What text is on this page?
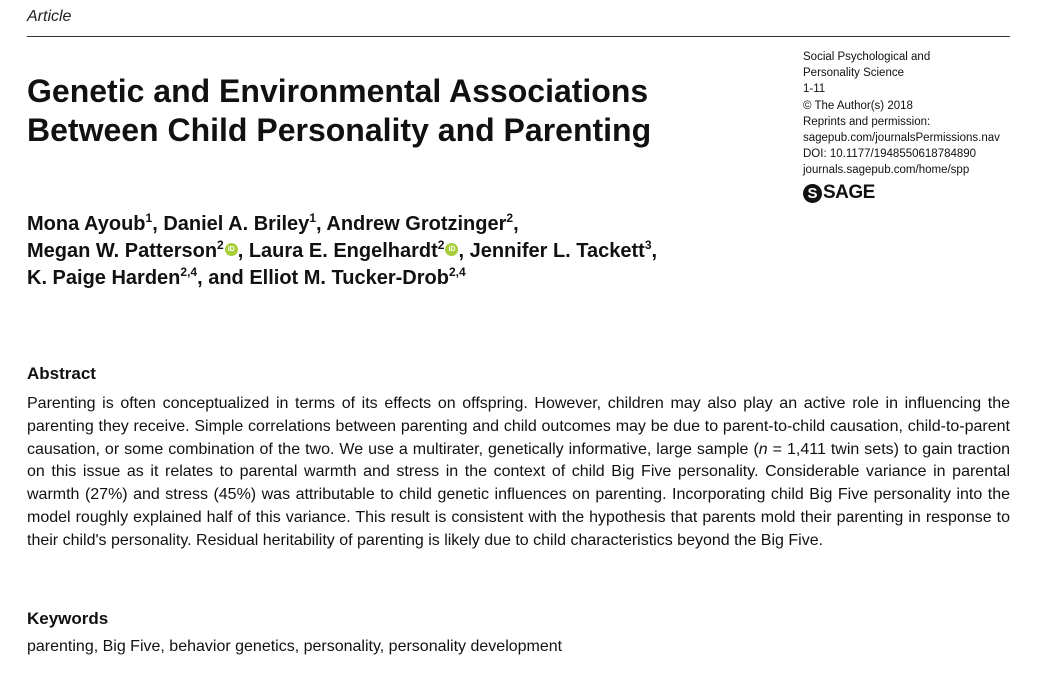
Article
Genetic and Environmental Associations
Between Child Personality and Parenting
Social Psychological and
Personality Science
1-11
© The Author(s) 2018
Reprints and permission:
sagepub.com/journalsPermissions.nav
DOI: 10.1177/1948550618784890
journals.sagepub.com/home/spp
S SAGE
Mona Ayoub$^1$, Daniel A. Briley$^1$, Andrew Grotzinger$^2$,
Megan W. Patterson$^2$ iD , Laura E. Engelhardt$^2$ iD , Jennifer L. Tackett$^3$,
K. Paige Harden$^{2,4}$, and Elliot M. Tucker-Drob$^{2,4}$
Abstract
Parenting is often conceptualized in terms of its effects on offspring. However, children may also play an active role in influencing the parenting they receive. Simple correlations between parenting and child outcomes may be due to parent-to-child causation, child-to-parent causation, or some combination of the two. We use a multirater, genetically informative, large sample (n = 1,411 twin sets) to gain traction on this issue as it relates to parental warmth and stress in the context of child Big Five personality. Considerable variance in parental warmth (27%) and stress (45%) was attributable to child genetic influences on parenting. Incorporating child Big Five personality into the model roughly explained half of this variance. This result is consistent with the hypothesis that parents mold their parenting in response to their child's personality. Residual heritability of parenting is likely due to child characteristics beyond the Big Five.
Keywords
parenting, Big Five, behavior genetics, personality, personality development
